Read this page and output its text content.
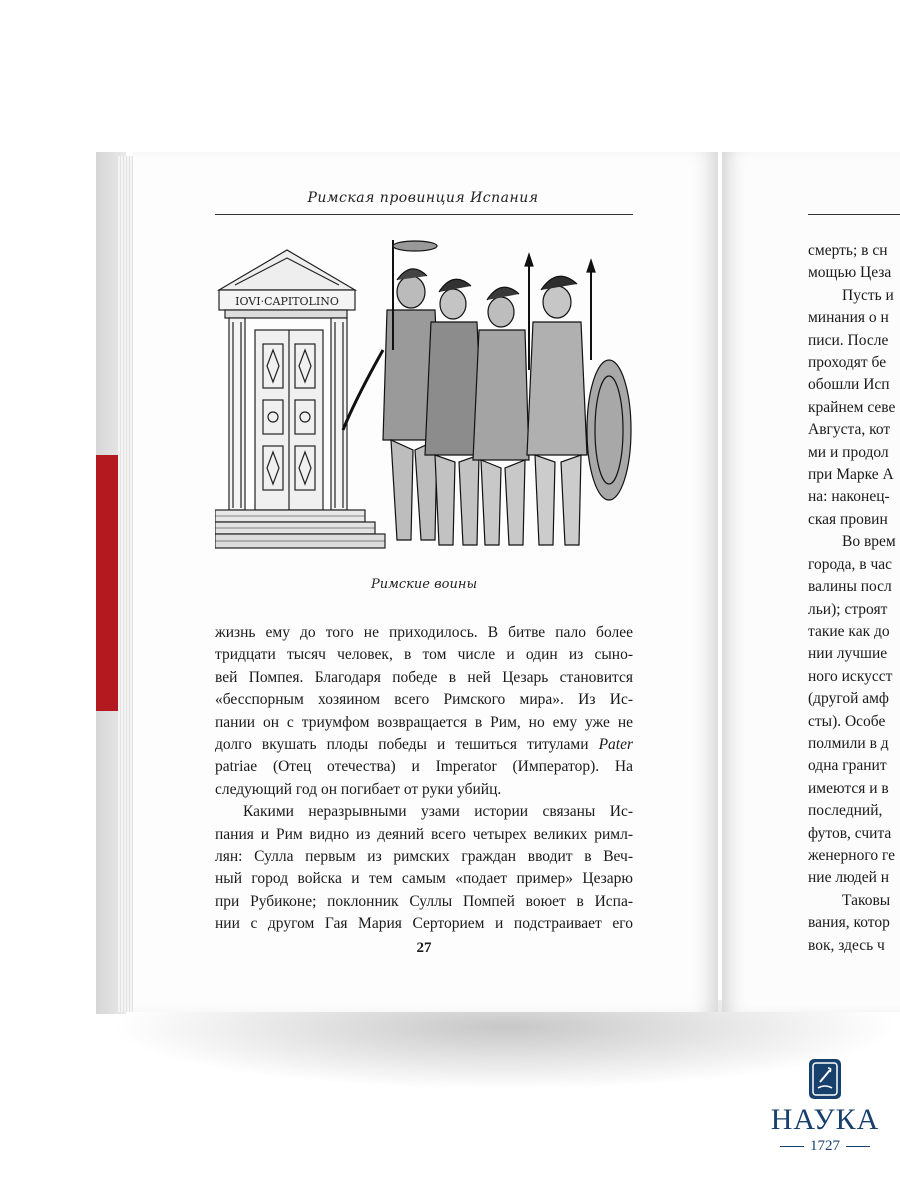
Римская провинция Испания
IOVI·CAPITOLINO
Римские воины
жизнь ему до того не приходилось. В битве пало более
тридцати тысяч человек, в том числе и один из сыно-
вей Помпея. Благодаря победе в ней Цезарь становится
«бесспорным хозяином всего Римского мира». Из Ис-
пании он с триумфом возвращается в Рим, но ему уже не
долго вкушать плоды победы и тешиться титулами Pater
patriae (Отец отечества) и Imperator (Император). На
следующий год он погибает от руки убийц.
Какими неразрывными узами истории связаны Ис-
пания и Рим видно из деяний всего четырех великих римл-
лян: Сулла первым из римских граждан вводит в Веч-
ный город войска и тем самым «подает пример» Цезарю
при Рубиконе; поклонник Суллы Помпей воюет в Испа-
нии с другом Гая Мария Серторием и подстраивает его
27
смерть; в сн
мощью Цеза
Пусть и
минания о н
писи. После
проходят бе
обошли Исп
крайнем севе
Августа, кот
ми и продол
при Марке А
на: наконец-
ская провин
Во врем
города, в час
валины посл
льи); строят
такие как до
нии лучшие
ного искусст
(другой амф
сты). Особе
полмили в д
одна гранит
имеются и в
последний,
футов, счита
женерного ге
ние людей н
Таковы
вания, котор
вок, здесь ч
НАУКА
1727
